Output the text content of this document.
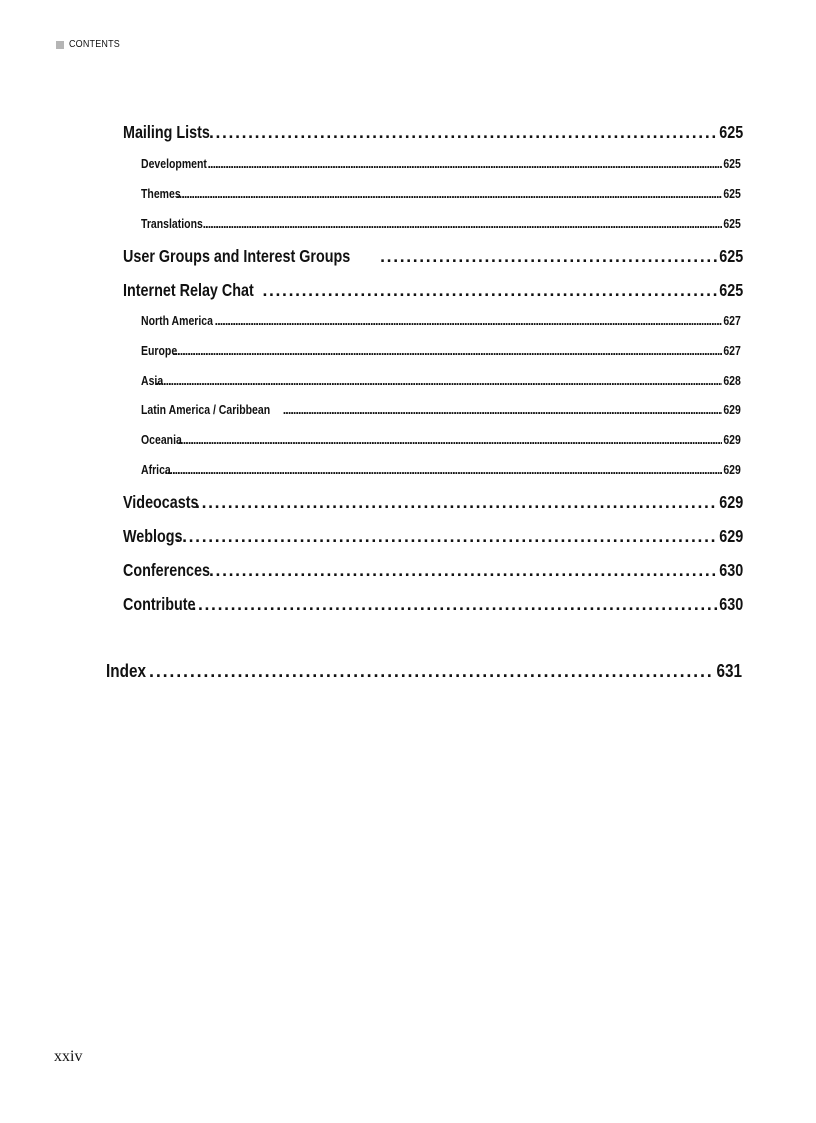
CONTENTS
Mailing Lists . . .	625
Development . . .	625
Themes . . .	625
Translations . . .	625
User Groups and Interest Groups . . .	625
Internet Relay Chat . . .	625
North America . . .	627
Europe . . .	627
Asia . . .	628
Latin America / Caribbean . . .	629
Oceania . . .	629
Africa . . .	629
Videocasts . . .	629
Weblogs . . .	629
Conferences . . .	630
Contribute . . .	630
Index . . .	631
xxiv
